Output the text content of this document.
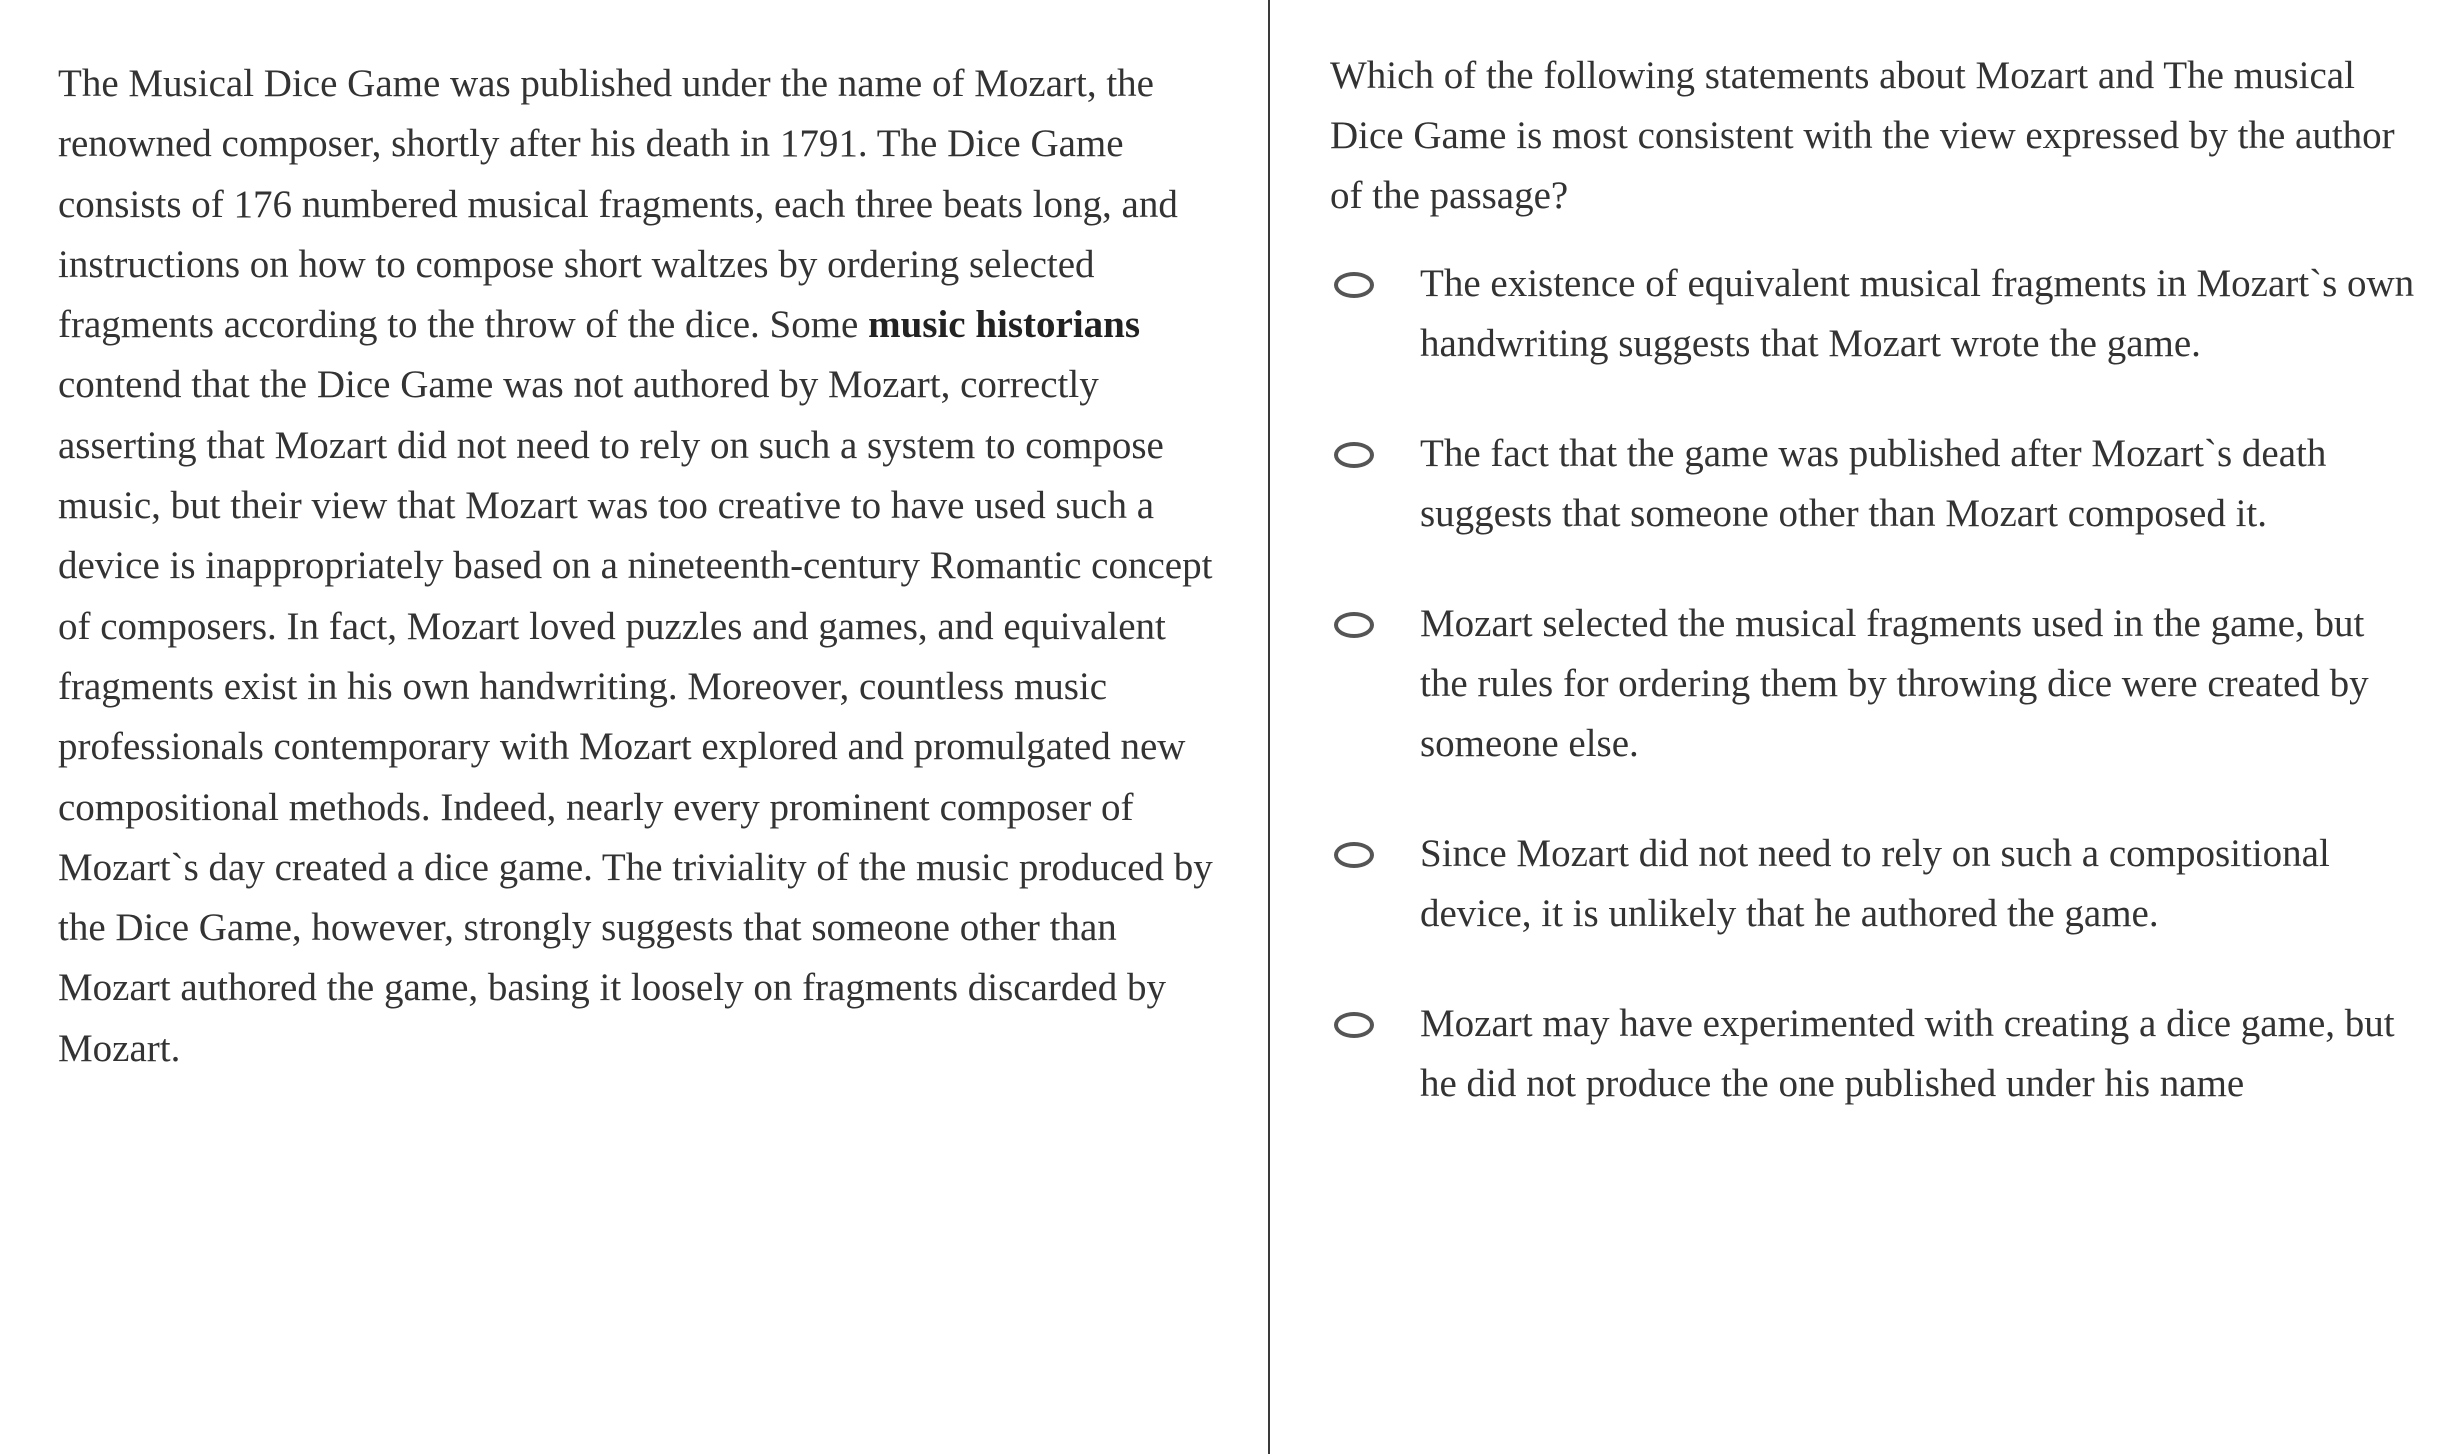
The Musical Dice Game was published under the name of Mozart, the renowned composer, shortly after his death in 1791. The Dice Game consists of 176 numbered musical fragments, each three beats long, and instructions on how to compose short waltzes by ordering selected fragments according to the throw of the dice. Some music historians contend that the Dice Game was not authored by Mozart, correctly asserting that Mozart did not need to rely on such a system to compose music, but their view that Mozart was too creative to have used such a device is inappropriately based on a nineteenth-century Romantic concept of composers. In fact, Mozart loved puzzles and games, and equivalent fragments exist in his own handwriting. Moreover, countless music professionals contemporary with Mozart explored and promulgated new compositional methods. Indeed, nearly every prominent composer of Mozart`s day created a dice game. The triviality of the music produced by the Dice Game, however, strongly suggests that someone other than Mozart authored the game, basing it loosely on fragments discarded by Mozart.

Which of the following statements about Mozart and The musical Dice Game is most consistent with the view expressed by the author of the passage?

The existence of equivalent musical fragments in Mozart`s own handwriting suggests that Mozart wrote the game.
The fact that the game was published after Mozart`s death suggests that someone other than Mozart composed it.
Mozart selected the musical fragments used in the game, but the rules for ordering them by throwing dice were created by someone else.
Since Mozart did not need to rely on such a compositional device, it is unlikely that he authored the game.
Mozart may have experimented with creating a dice game, but he did not produce the one published under his name
